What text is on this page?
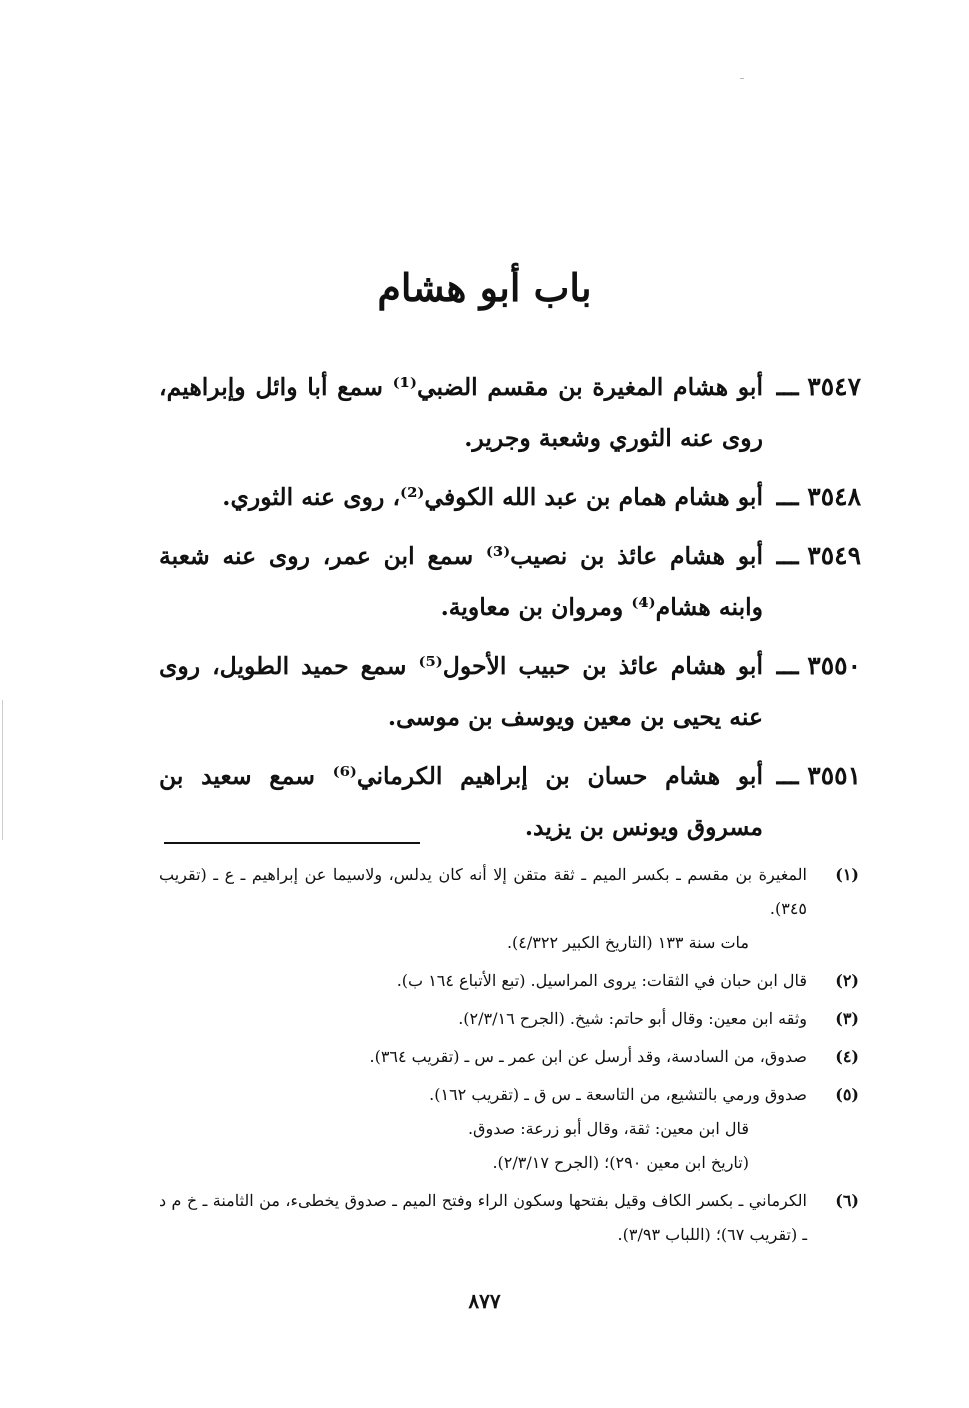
باب أبو هشام
٣٥٤٧ ـــ
أبو هشام المغيرة بن مقسم الضبي⁽¹⁾ سمع أبا وائل وإبراهيم، روى عنه الثوري وشعبة وجرير.
٣٥٤٨ ـــ
أبو هشام همام بن عبد الله الكوفي⁽²⁾، روى عنه الثوري.
٣٥٤٩ ـــ
أبو هشام عائذ بن نصيب⁽³⁾ سمع ابن عمر، روى عنه شعبة وابنه هشام⁽⁴⁾ ومروان بن معاوية.
٣٥٥٠ ـــ
أبو هشام عائذ بن حبيب الأحول⁽⁵⁾ سمع حميد الطويل، روى عنه يحيى بن معين ويوسف بن موسى.
٣٥٥١ ـــ
أبو هشام حسان بن إبراهيم الكرماني⁽⁶⁾ سمع سعيد بن مسروق ويونس بن يزيد.
(١)
المغيرة بن مقسم ـ بكسر الميم ـ ثقة متقن إلا أنه كان يدلس، ولاسيما عن إبراهيم ـ ع ـ (تقريب ٣٤٥).
مات سنة ١٣٣ (التاريخ الكبير ٤/٣٢٢).
(٢)
قال ابن حبان في الثقات: يروى المراسيل. (تبع الأتباع ١٦٤ ب).
(٣)
وثقه ابن معين: وقال أبو حاتم: شيخ. (الجرح ٢/٣/١٦).
(٤)
صدوق، من السادسة، وقد أرسل عن ابن عمر ـ س ـ (تقريب ٣٦٤).
(٥)
صدوق ورمي بالتشيع، من التاسعة ـ س ق ـ (تقريب ١٦٢).
قال ابن معين: ثقة، وقال أبو زرعة: صدوق.
(تاريخ ابن معين ٢٩٠)؛ (الجرح ٢/٣/١٧).
(٦)
الكرماني ـ بكسر الكاف وقيل بفتحها وسكون الراء وفتح الميم ـ صدوق يخطىء، من الثامنة ـ خ م د ـ (تقريب ٦٧)؛ (اللباب ٣/٩٣).
٨٧٧
